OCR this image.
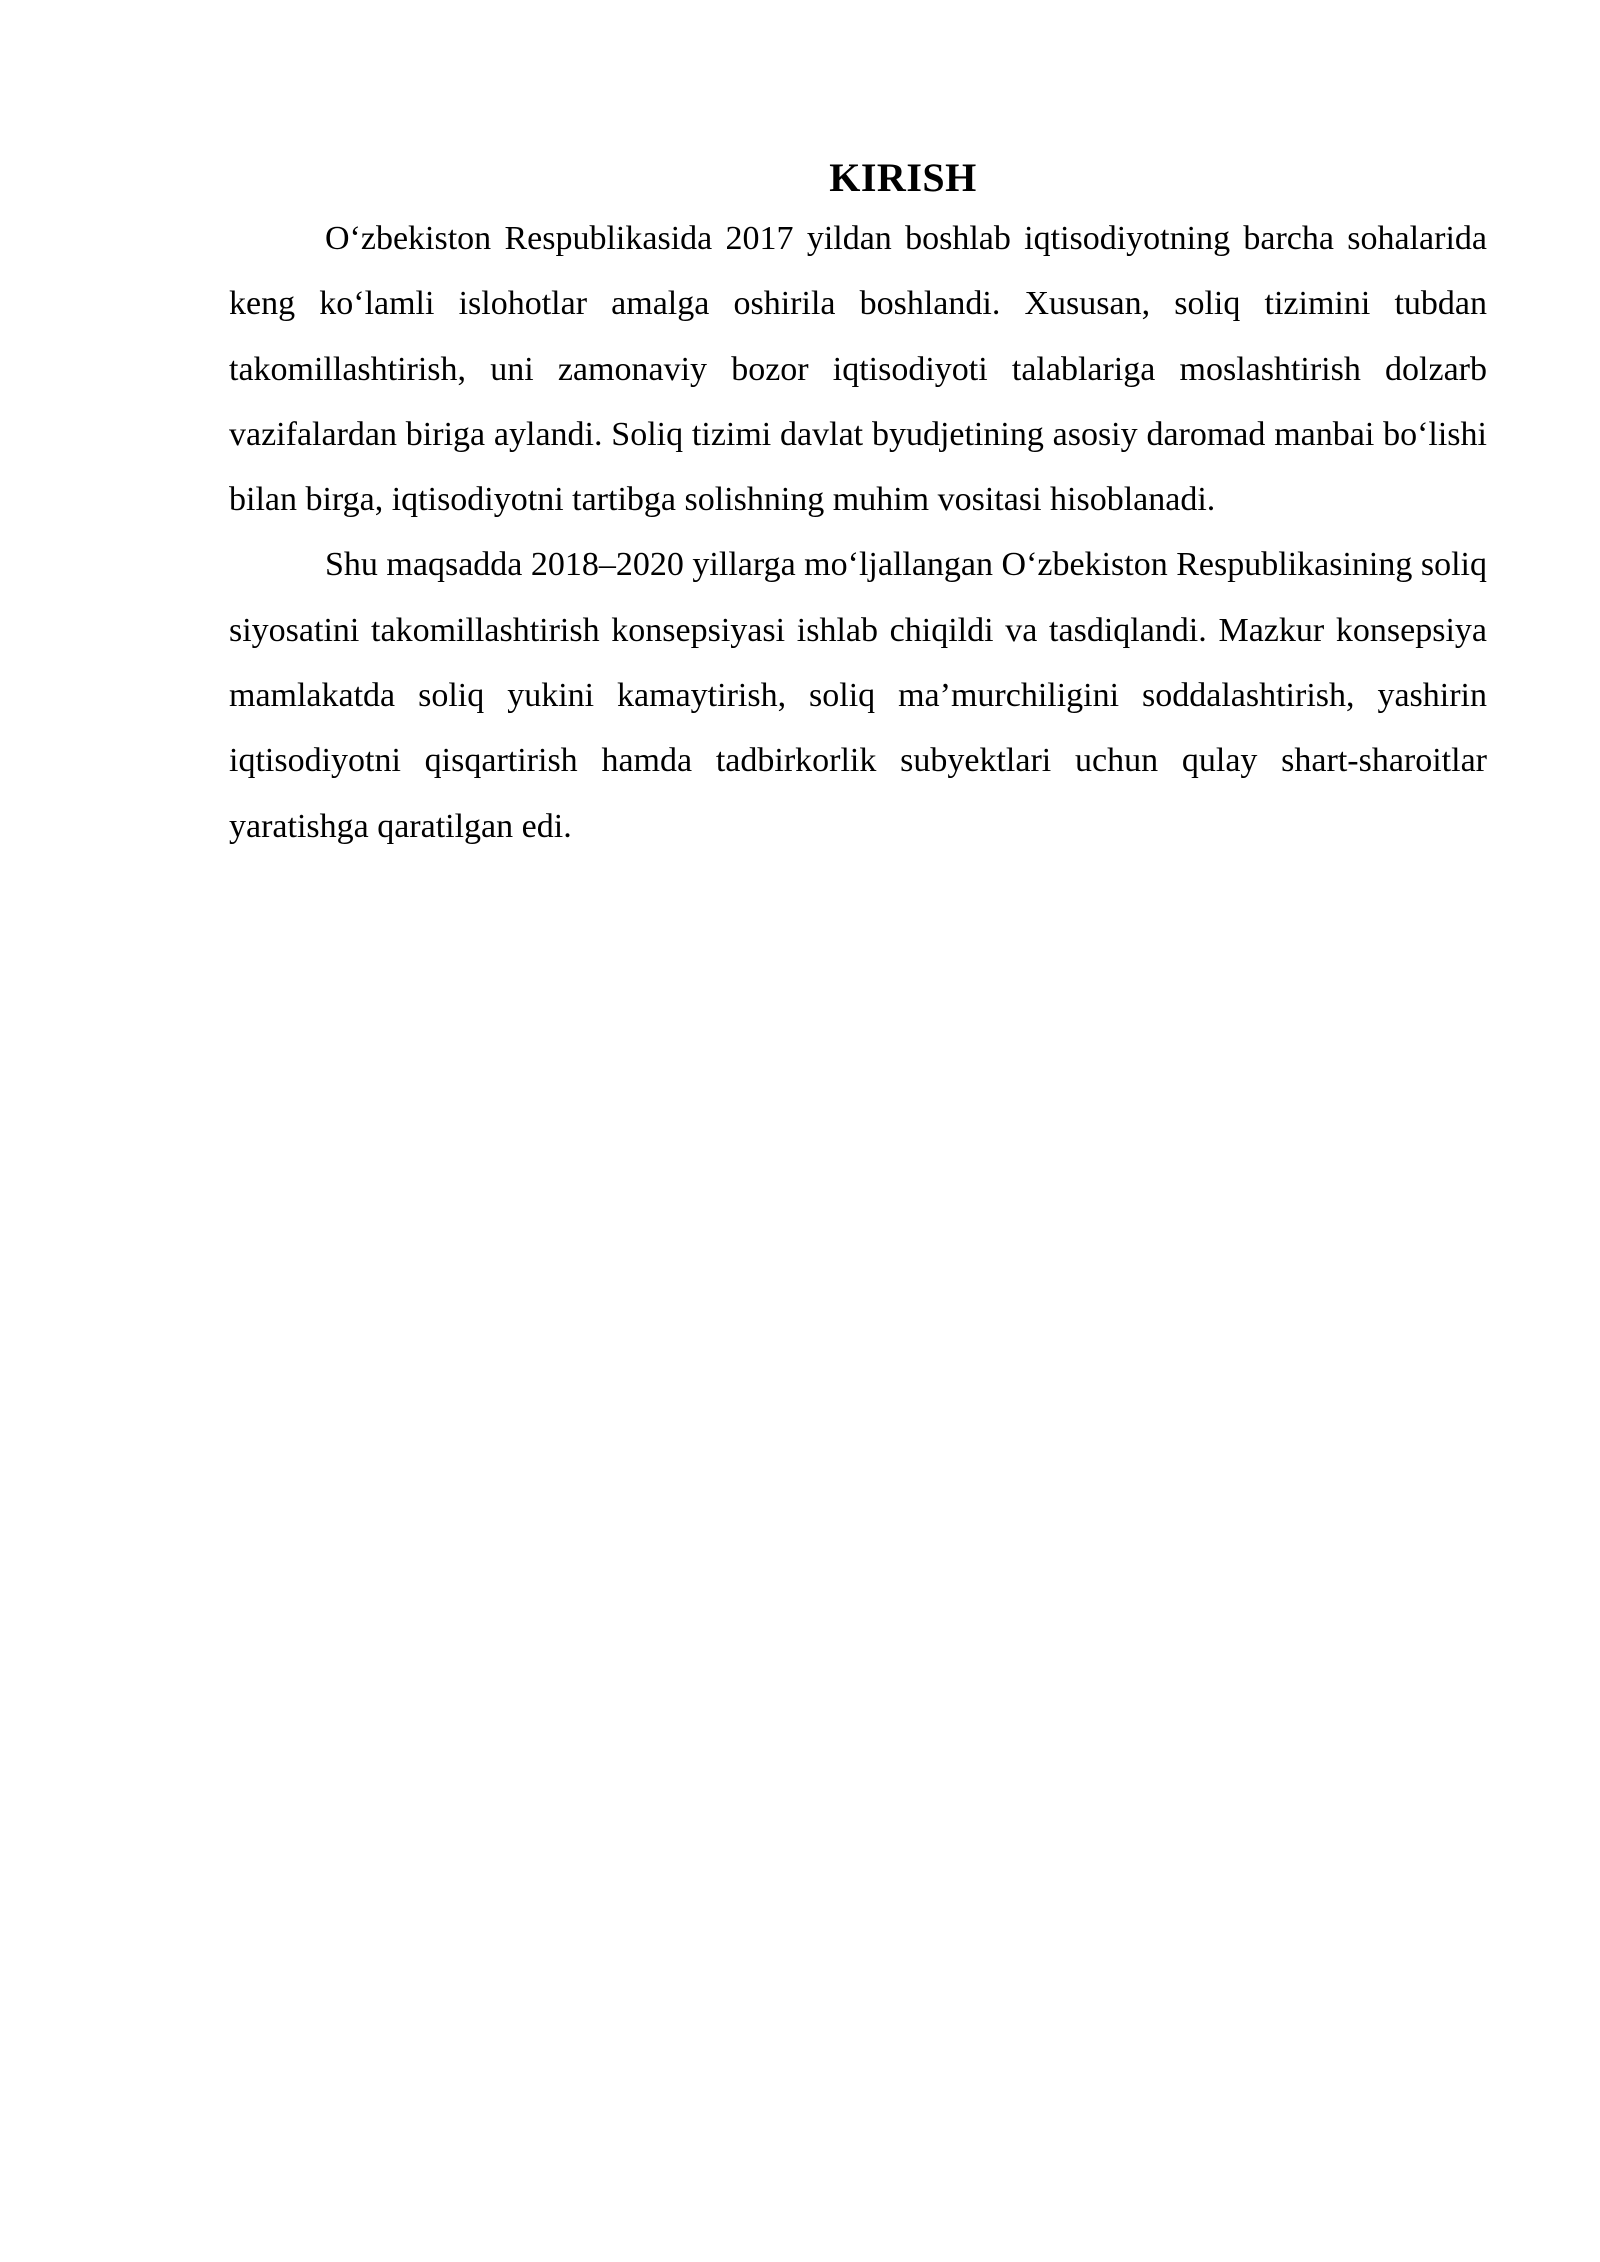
KIRISH

O‘zbekiston Respublikasida 2017 yildan boshlab iqtisodiyotning barcha sohalarida keng ko‘lamli islohotlar amalga oshirila boshlandi. Xususan, soliq tizimini tubdan takomillashtirish, uni zamonaviy bozor iqtisodiyoti talablariga moslashtirish dolzarb vazifalardan biriga aylandi. Soliq tizimi davlat byudjetining asosiy daromad manbai bo‘lishi bilan birga, iqtisodiyotni tartibga solishning muhim vositasi hisoblanadi.

Shu maqsadda 2018–2020 yillarga mo‘ljallangan O‘zbekiston Respublikasining soliq siyosatini takomillashtirish konsepsiyasi ishlab chiqildi va tasdiqlandi. Mazkur konsepsiya mamlakatda soliq yukini kamaytirish, soliq ma’murchiligini soddalashtirish, yashirin iqtisodiyotni qisqartirish hamda tadbirkorlik subyektlari uchun qulay shart-sharoitlar yaratishga qaratilgan edi.
